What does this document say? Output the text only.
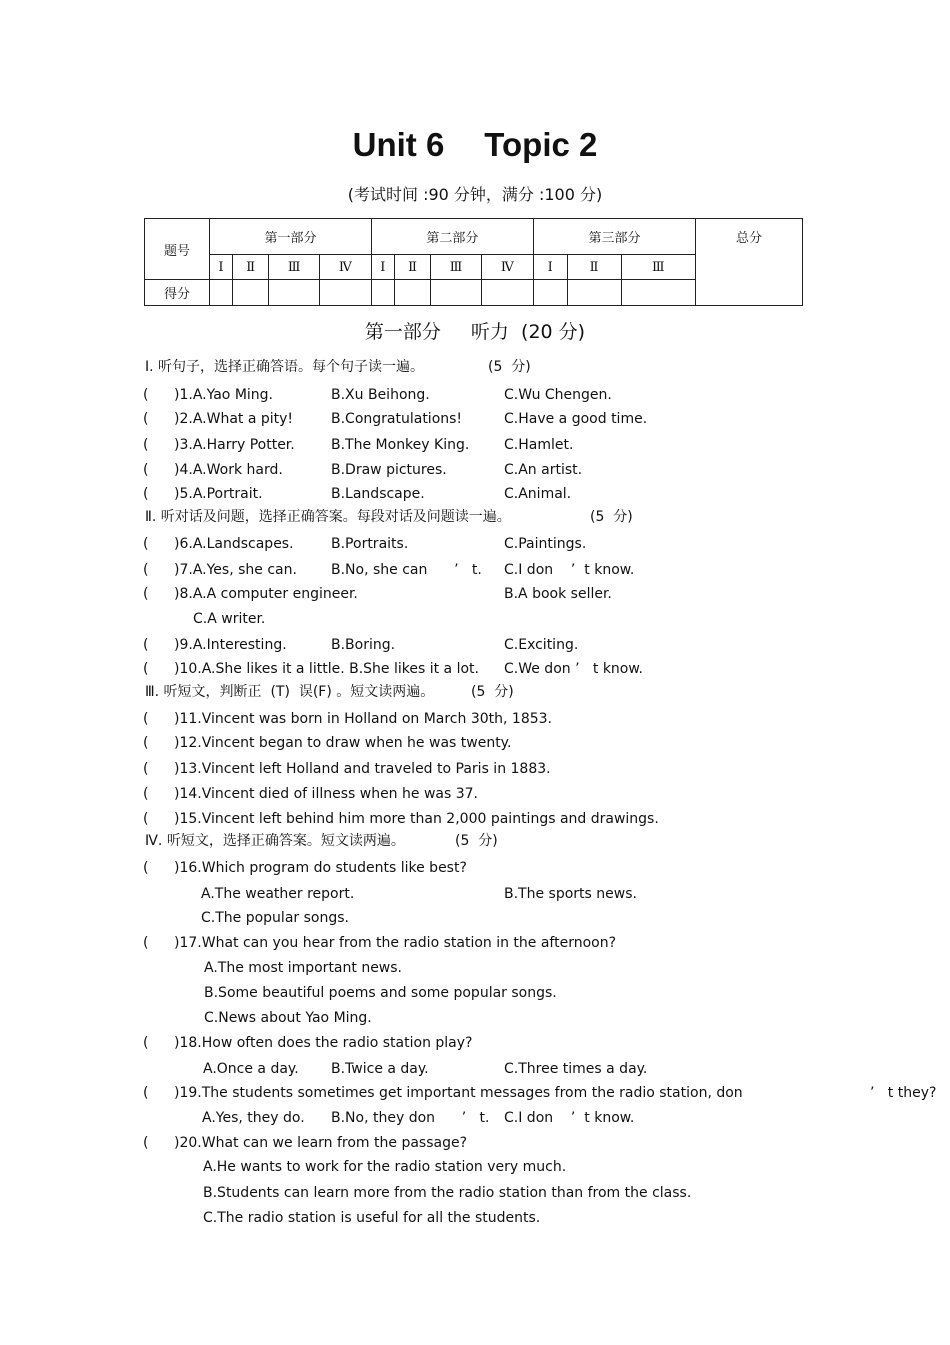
Unit 6 Topic 2
(考试时间 :90 分钟，满分 :100 分)
题号	第一部分				第二部分				第三部分			总分
	Ⅰ	Ⅱ	Ⅲ	Ⅳ	Ⅰ	Ⅱ	Ⅲ	Ⅳ	Ⅰ	Ⅱ	Ⅲ	
得分												
第一部分 听力 (20 分)
Ⅰ. 听句子，选择正确答语。每个句子读一遍。	(5  分)
( )1.A.Yao Ming.	B.Xu Beihong.	C.Wu Chengen.
( )2.A.What a pity!	B.Congratulations!	C.Have a good time.
( )3.A.Harry Potter.	B.The Monkey King. C.Hamlet.
( )4.A.Work hard.	B.Draw pictures.	C.An artist.
( )5.A.Portrait.	B.Landscape.	C.Animal.
Ⅱ. 听对话及问题，选择正确答案。每段对话及问题读一遍。	(5  分)
( )6.A.Landscapes.	B.Portraits.	C.Paintings.
( )7.A.Yes, she can. B.No, she can      ’   t. C.I don    ’  t know.
( )8.A.A computer engineer.	B.A book seller.
C.A writer.
( )9.A.Interesting.	B.Boring.	C.Exciting.
( )10.A.She likes it a little. B.She likes it a lot. C.We don ’   t know.
Ⅲ. 听短文，判断正  (T)  误(F) 。短文读两遍。	(5  分)
( )11.Vincent was born in Holland on March 30th, 1853.
( )12.Vincent began to draw when he was twenty.
( )13.Vincent left Holland and traveled to Paris in 1883.
( )14.Vincent died of illness when he was 37.
( )15.Vincent left behind him more than 2,000 paintings and drawings.
Ⅳ. 听短文，选择正确答案。短文读两遍。	(5  分)
( )16.Which program do students like best?
A.The weather report.	B.The sports news.
C.The popular songs.
( )17.What can you hear from the radio station in the afternoon?
A.The most important news.
B.Some beautiful poems and some popular songs.
C.News about Yao Ming.
( )18.How often does the radio station play?
A.Once a day. B.Twice a day.	C.Three times a day.
( )19.The students sometimes get important messages from the radio station, don	’   t they?
A.Yes, they do. B.No, they don      ’   t. C.I don    ’  t know.
( )20.What can we learn from the passage?
A.He wants to work for the radio station very much.
B.Students can learn more from the radio station than from the class.
C.The radio station is useful for all the students.
